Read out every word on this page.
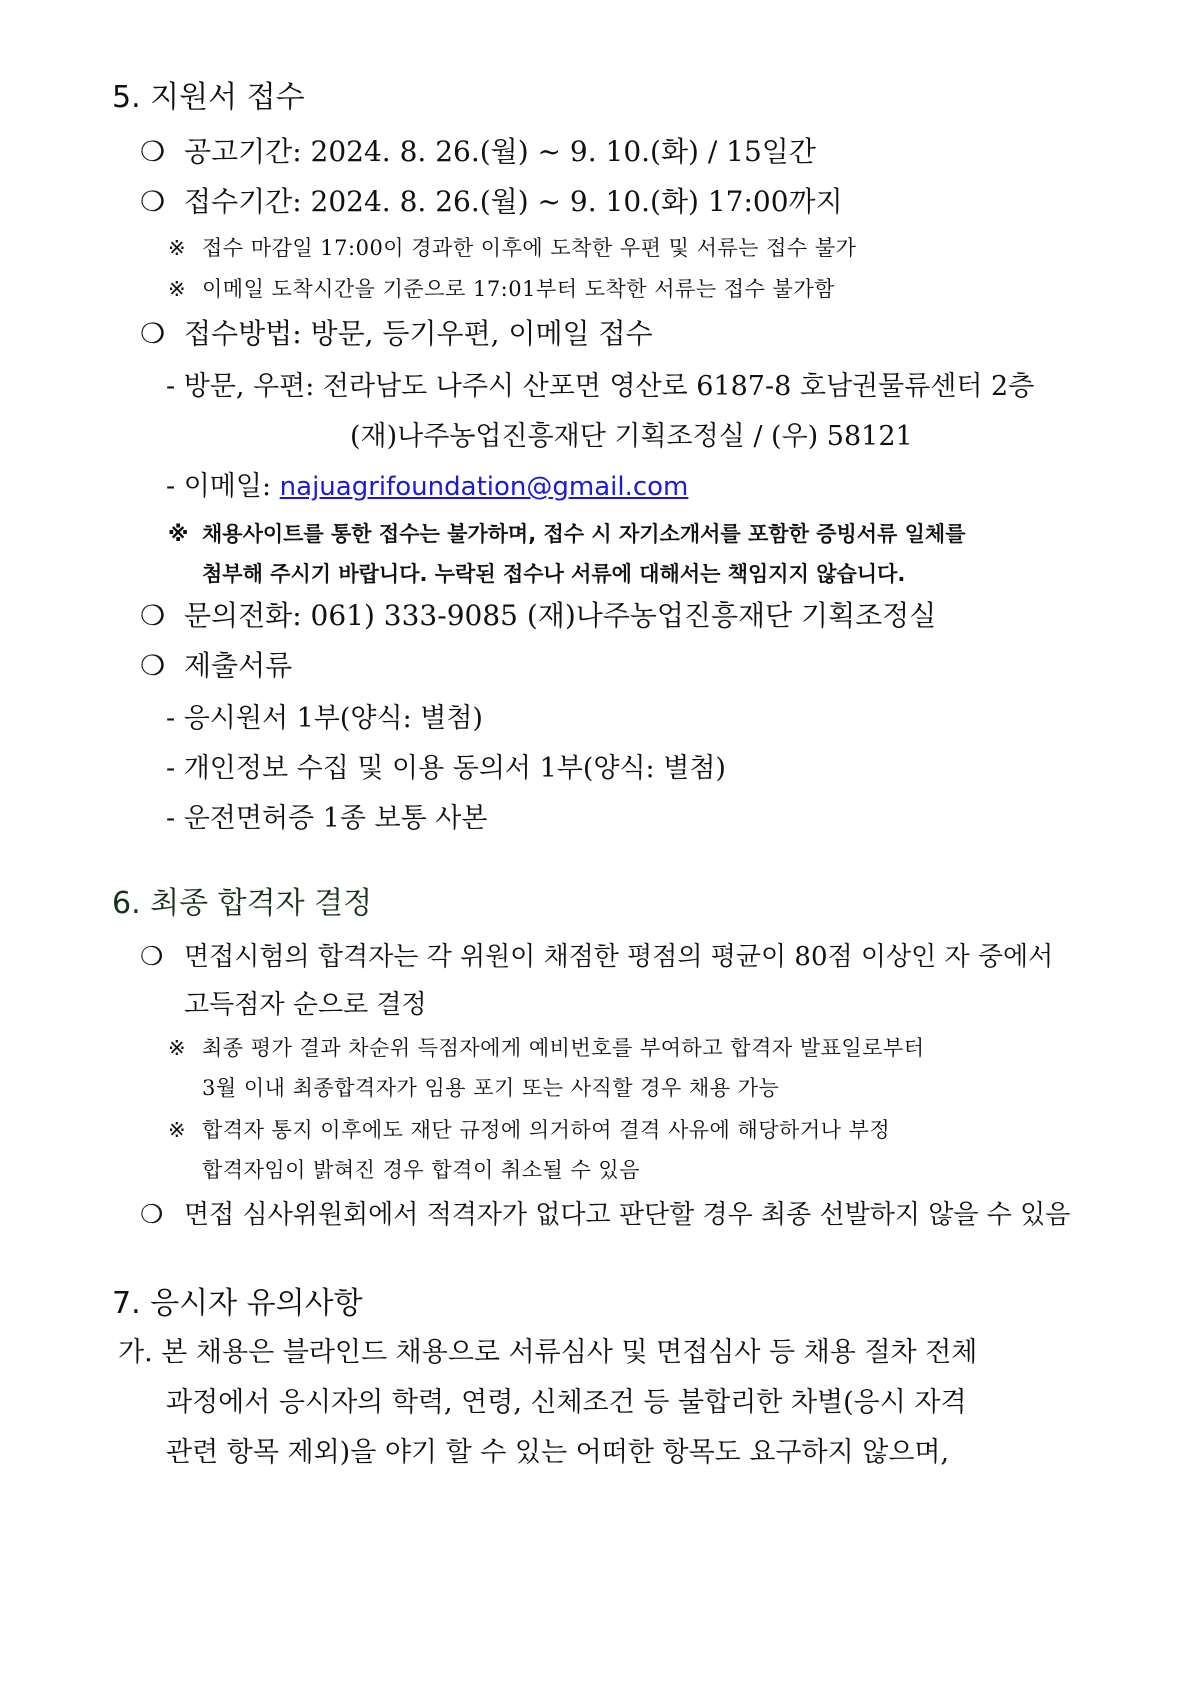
5. 지원서 접수
❍ 공고기간: 2024. 8. 26.(월) ~ 9. 10.(화) / 15일간
❍ 접수기간: 2024. 8. 26.(월) ~ 9. 10.(화) 17:00까지
※ 접수 마감일 17:00이 경과한 이후에 도착한 우편 및 서류는 접수 불가
※ 이메일 도착시간을 기준으로 17:01부터 도착한 서류는 접수 불가함
❍ 접수방법: 방문, 등기우편, 이메일 접수
- 방문, 우편: 전라남도 나주시 산포면 영산로 6187-8 호남권물류센터 2층
(재)나주농업진흥재단 기획조정실 / (우) 58121
- 이메일: najuagrifoundation@gmail.com
※ 채용사이트를 통한 접수는 불가하며, 접수 시 자기소개서를 포함한 증빙서류 일체를
첨부해 주시기 바랍니다. 누락된 접수나 서류에 대해서는 책임지지 않습니다.
❍ 문의전화: 061) 333-9085 (재)나주농업진흥재단 기획조정실
❍ 제출서류
- 응시원서 1부(양식: 별첨)
- 개인정보 수집 및 이용 동의서 1부(양식: 별첨)
- 운전면허증 1종 보통 사본
6. 최종 합격자 결정
❍ 면접시험의 합격자는 각 위원이 채점한 평점의 평균이 80점 이상인 자 중에서
고득점자 순으로 결정
※ 최종 평가 결과 차순위 득점자에게 예비번호를 부여하고 합격자 발표일로부터
3월 이내 최종합격자가 임용 포기 또는 사직할 경우 채용 가능
※ 합격자 통지 이후에도 재단 규정에 의거하여 결격 사유에 해당하거나 부정
합격자임이 밝혀진 경우 합격이 취소될 수 있음
❍ 면접 심사위원회에서 적격자가 없다고 판단할 경우 최종 선발하지 않을 수 있음
7. 응시자 유의사항
가. 본 채용은 블라인드 채용으로 서류심사 및 면접심사 등 채용 절차 전체
과정에서 응시자의 학력, 연령, 신체조건 등 불합리한 차별(응시 자격
관련 항목 제외)을 야기 할 수 있는 어떠한 항목도 요구하지 않으며,
